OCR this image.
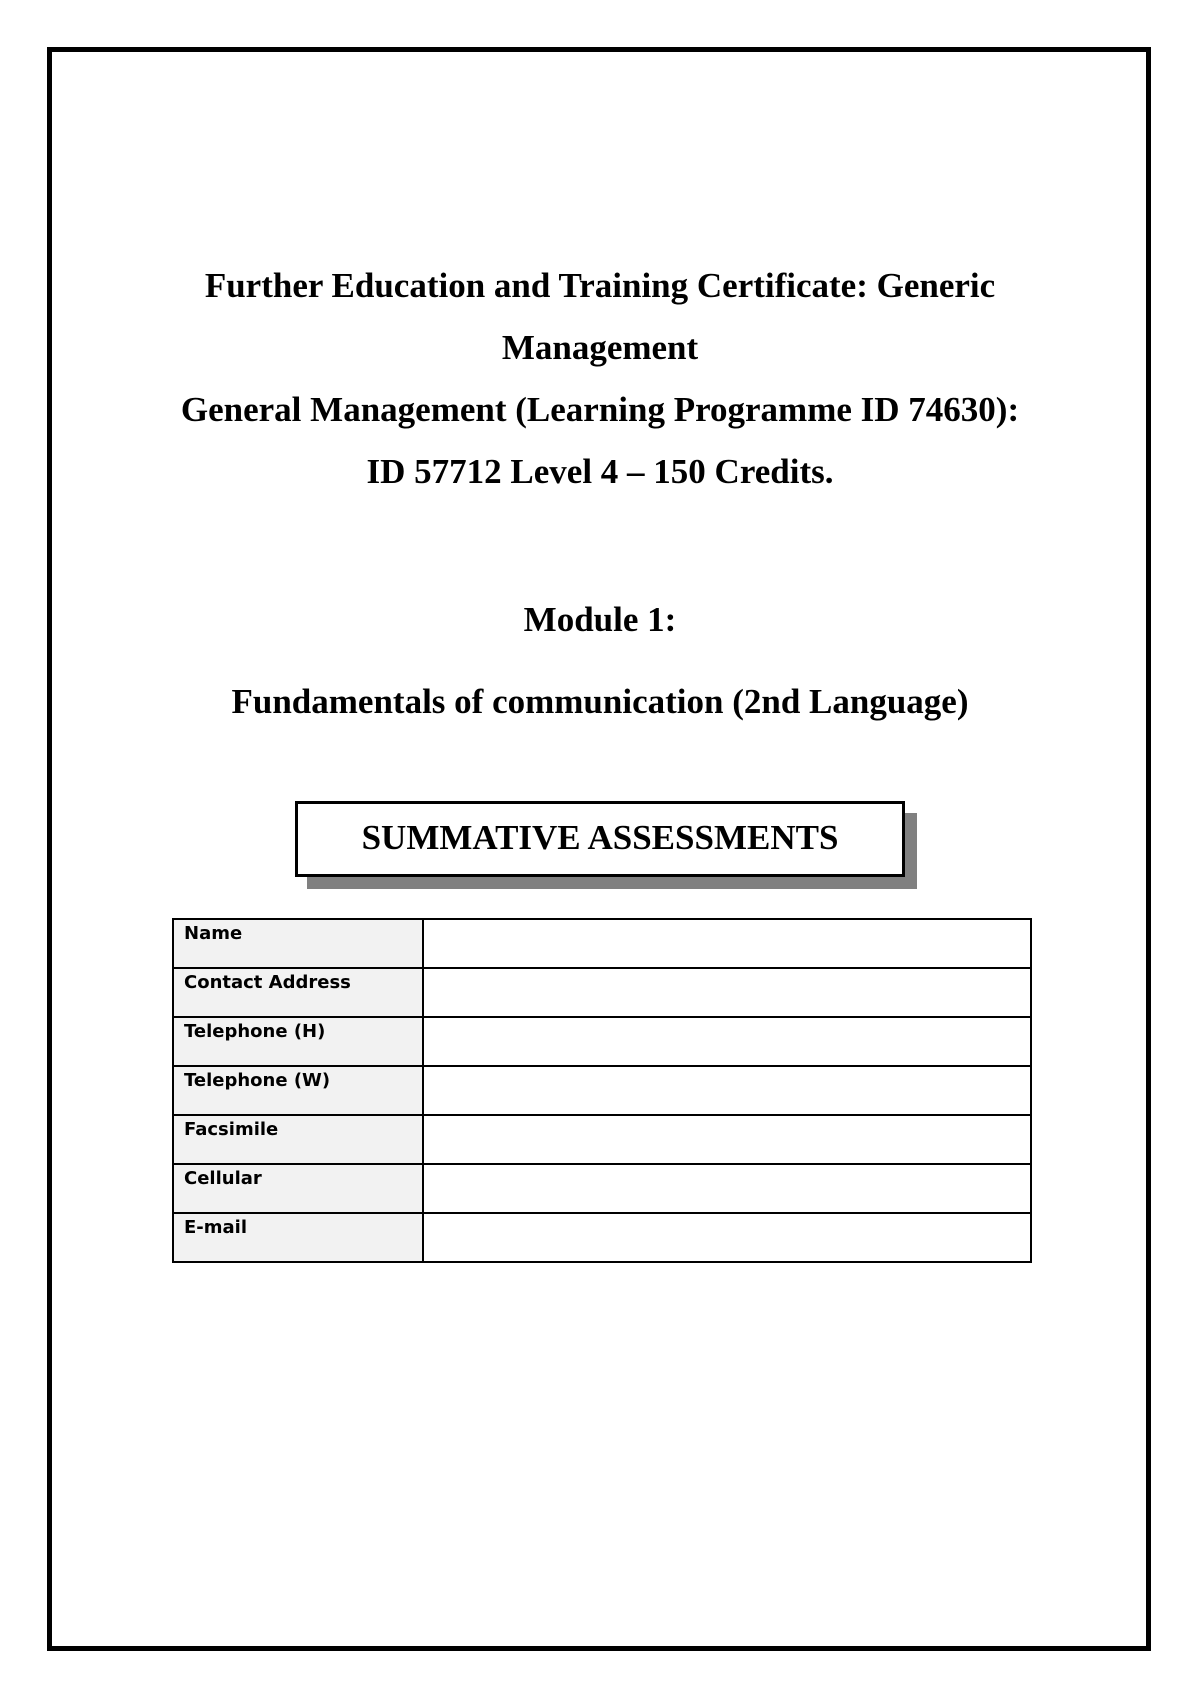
Further Education and Training Certificate: Generic
Management
General Management (Learning Programme ID 74630):
ID 57712 Level 4 – 150 Credits.
Module 1:
Fundamentals of communication (2nd Language)
SUMMATIVE ASSESSMENTS
Name	
Contact Address	
Telephone (H)	
Telephone (W)	
Facsimile	
Cellular	
E-mail	
